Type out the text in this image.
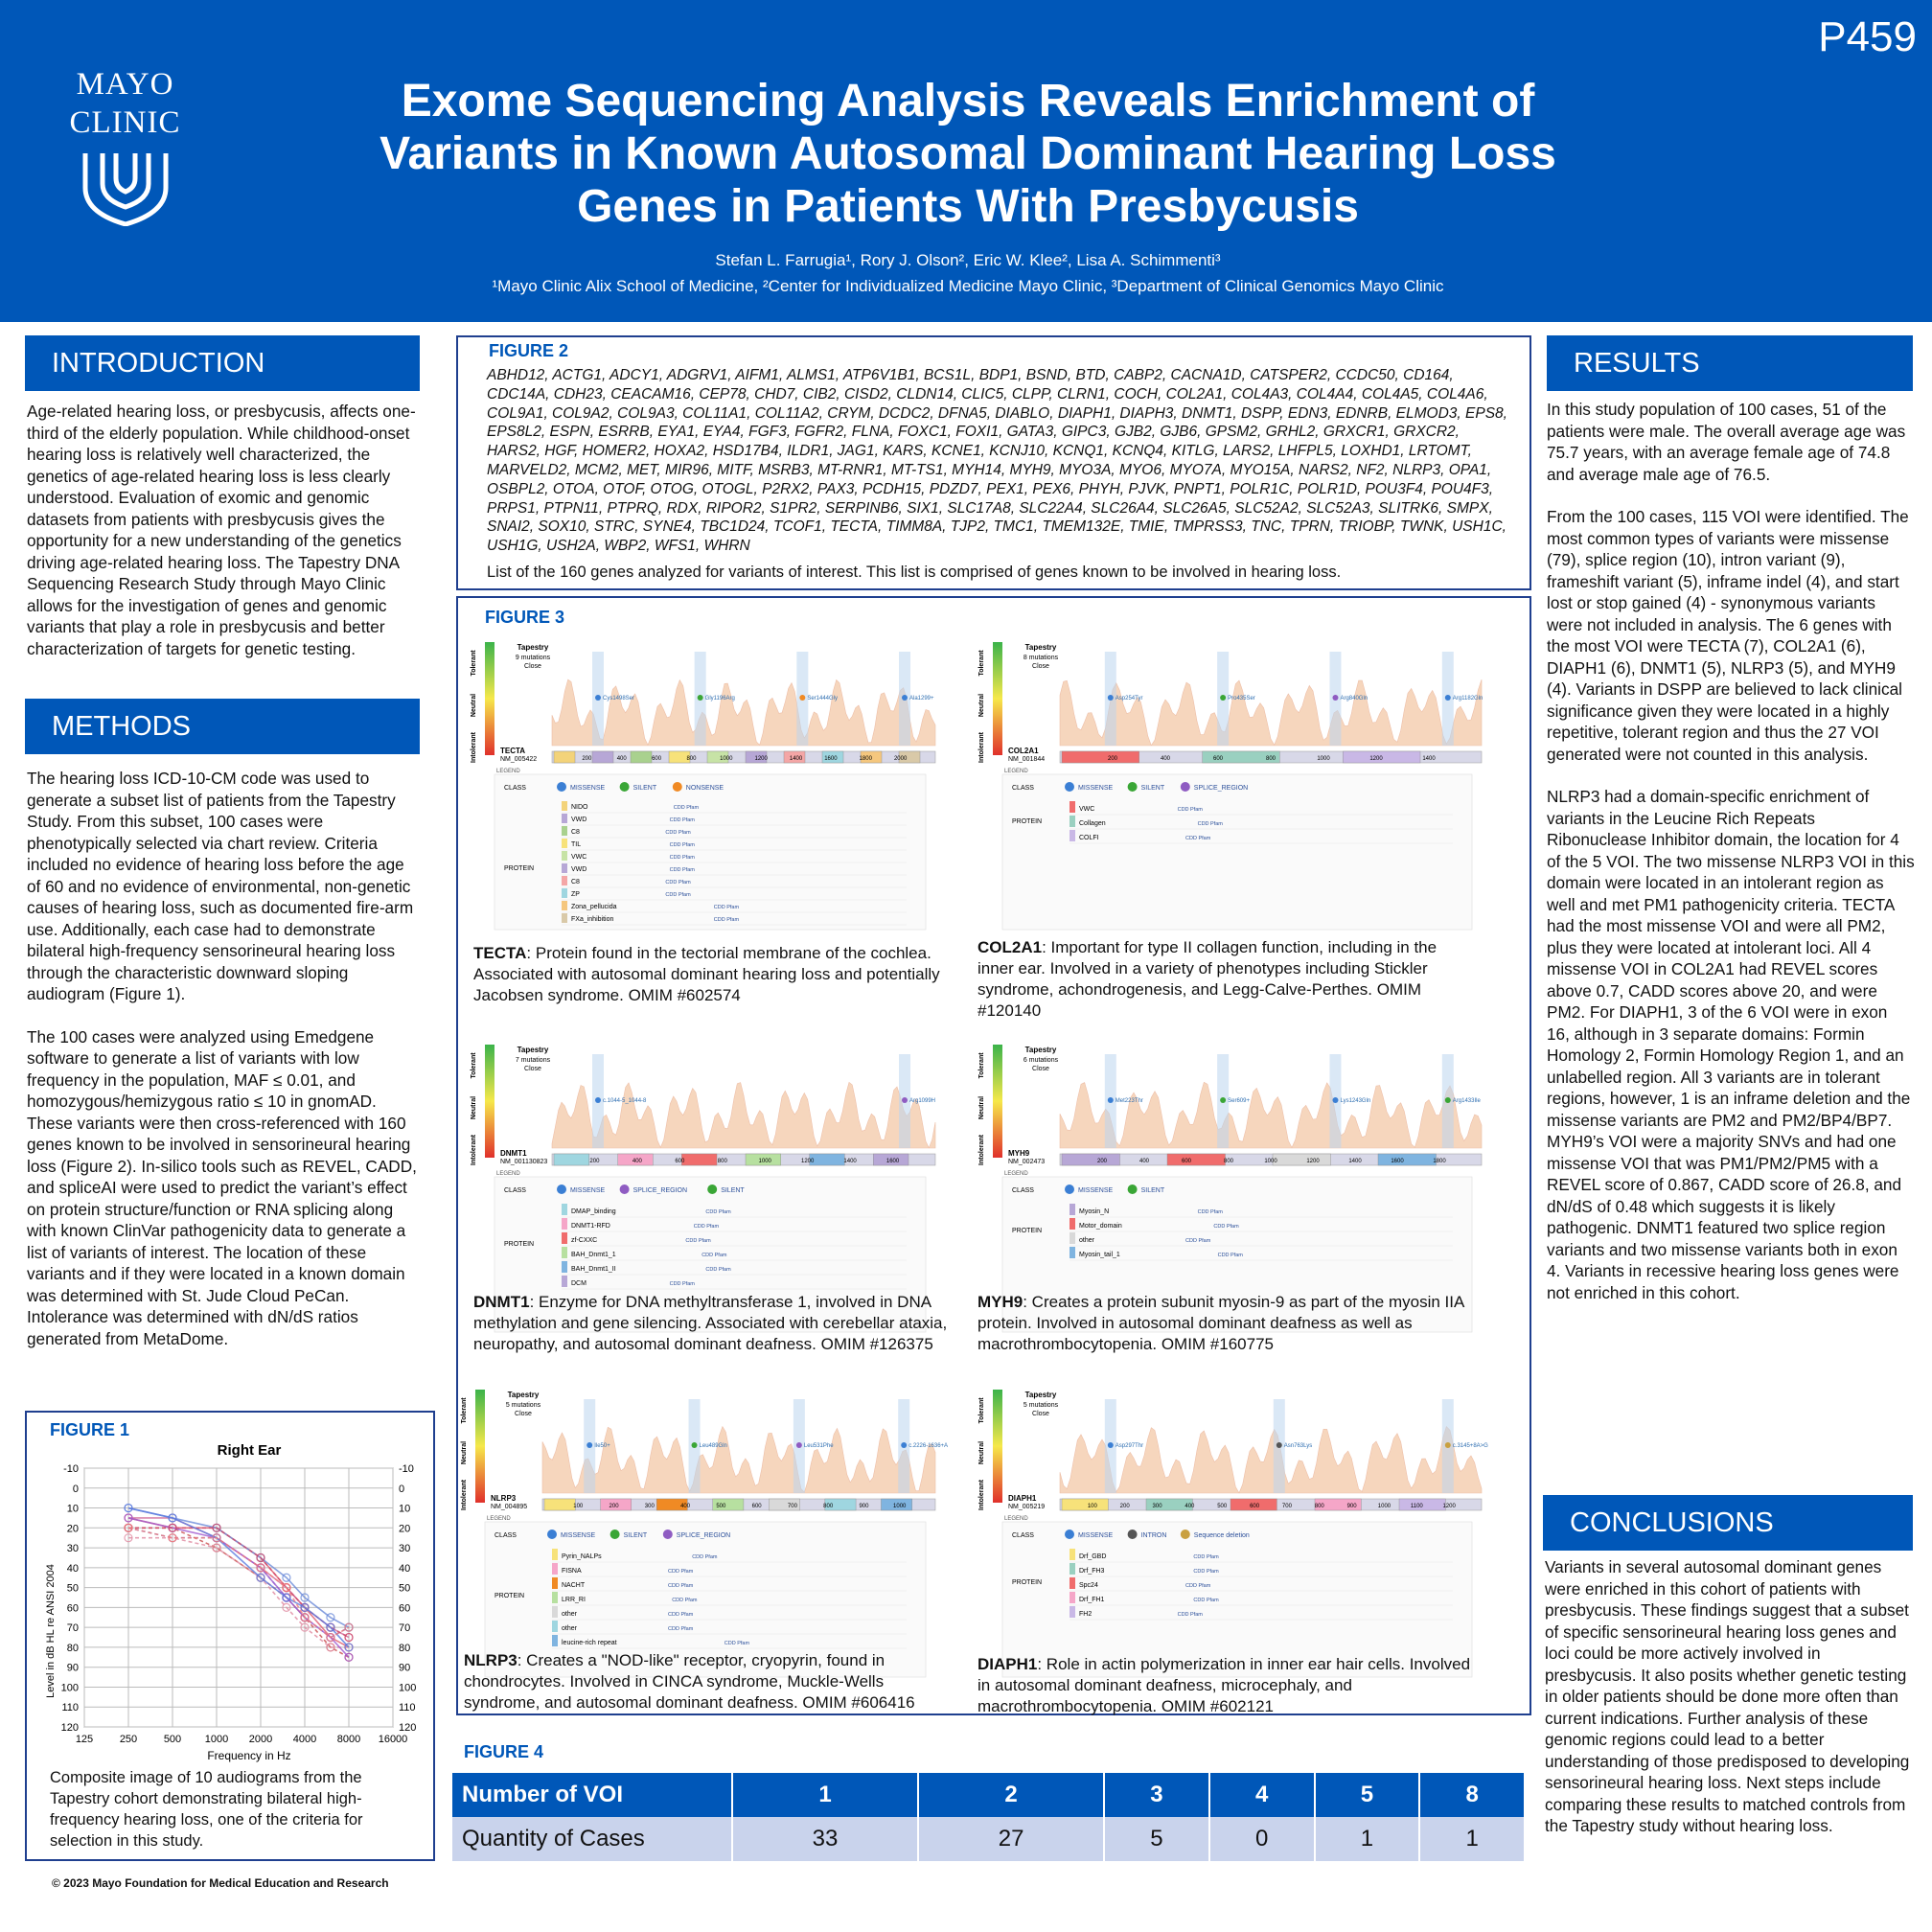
MAYO
CLINIC	Exome Sequencing Analysis Reveals Enrichment of Variants in Known Autosomal Dominant Hearing Loss Genes in Patients With Presbycusis
P459
Stefan L. Farrugia¹, Rory J. Olson², Eric W. Klee², Lisa A. Schimmenti³
¹Mayo Clinic Alix School of Medicine, ²Center for Individualized Medicine Mayo Clinic, ³Department of Clinical Genomics Mayo Clinic
INTRODUCTION
Age-related hearing loss, or presbycusis, affects one-third of the elderly population. While childhood-onset hearing loss is relatively well characterized, the genetics of age-related hearing loss is less clearly understood. Evaluation of exomic and genomic datasets from patients with presbycusis gives the opportunity for a new understanding of the genetics driving age-related hearing loss. The Tapestry DNA Sequencing Research Study through Mayo Clinic allows for the investigation of genes and genomic variants that play a role in presbycusis and better characterization of targets for genetic testing.
METHODS

The hearing loss ICD-10-CM code was used to generate a subset list of patients from the Tapestry Study. From this subset, 100 cases were phenotypically selected via chart review. Criteria included no evidence of hearing loss before the age of 60 and no evidence of environmental, non-genetic causes of hearing loss, such as documented fire-arm use. Additionally, each case had to demonstrate bilateral high-frequency sensorineural hearing loss through the characteristic downward sloping audiogram (Figure 1).

The 100 cases were analyzed using Emedgene software to generate a list of variants with low frequency in the population, MAF ≤ 0.01, and homozygous/hemizygous ratio ≤ 10 in gnomAD. These variants were then cross-referenced with 160 genes known to be involved in sensorineural hearing loss (Figure 2). In-silico tools such as REVEL, CADD, and spliceAI were used to predict the variant’s effect on protein structure/function or RNA splicing along with known ClinVar pathogenicity data to generate a list of variants of interest. The location of these variants and if they were located in a known domain was determined with St. Jude Cloud PeCan. Intolerance was determined with dN/dS ratios generated from MetaDome.

FIGURE 1
Right Ear
Level in dB HL re ANSI 2004
Frequency in Hz
-10
0
10
20
30
40
50
60
70
80
90
100
110
120
-10
0
10
20
30
40
50
60
70
80
90
100
110
120
125	250	500 1000 2000 4000 8000 16000
Composite image of 10 audiograms from the Tapestry cohort demonstrating bilateral high-frequency hearing loss, one of the criteria for selection in this study.
© 2023 Mayo Foundation for Medical Education and Research
FIGURE 2
ABHD12, ACTG1, ADCY1, ADGRV1, AIFM1, ALMS1, ATP6V1B1, BCS1L, BDP1, BSND, BTD, CABP2, CACNA1D, CATSPER2, CCDC50, CD164, CDC14A, CDH23, CEACAM16, CEP78, CHD7, CIB2, CISD2, CLDN14, CLIC5, CLPP, CLRN1, COCH, COL2A1, COL4A3, COL4A4, COL4A5, COL4A6, COL9A1, COL9A2, COL9A3, COL11A1, COL11A2, CRYM, DCDC2, DFNA5, DIABLO, DIAPH1, DIAPH3, DNMT1, DSPP, EDN3, EDNRB, ELMOD3, EPS8, EPS8L2, ESPN, ESRRB, EYA1, EYA4, FGF3, FGFR2, FLNA, FOXC1, FOXI1, GATA3, GIPC3, GJB2, GJB6, GPSM2, GRHL2, GRXCR1, GRXCR2, HARS2, HGF, HOMER2, HOXA2, HSD17B4, ILDR1, JAG1, KARS, KCNE1, KCNJ10, KCNQ1, KCNQ4, KITLG, LARS2, LHFPL5, LOXHD1, LRTOMT, MARVELD2, MCM2, MET, MIR96, MITF, MSRB3, MT-RNR1, MT-TS1, MYH14, MYH9, MYO3A, MYO6, MYO7A, MYO15A, NARS2, NF2, NLRP3, OPA1, OSBPL2, OTOA, OTOF, OTOG, OTOGL, P2RX2, PAX3, PCDH15, PDZD7, PEX1, PEX6, PHYH, PJVK, PNPT1, POLR1C, POLR1D, POU3F4, POU4F3, PRPS1, PTPN11, PTPRQ, RDX, RIPOR2, S1PR2, SERPINB6, SIX1, SLC17A8, SLC22A4, SLC26A4, SLC26A5, SLC52A2, SLC52A3, SLITRK6, SMPX, SNAI2, SOX10, STRC, SYNE4, TBC1D24, TCOF1, TECTA, TIMM8A, TJP2, TMC1, TMEM132E, TMIE, TMPRSS3, TNC, TPRN, TRIOBP, TWNK, USH1C, USH1G, USH2A, WBP2, WFS1, WHRN
List of the 160 genes analyzed for variants of interest. This list is comprised of genes known to be involved in hearing loss.
FIGURE 3
Tolerant
Neutral
Intolerant
Tapestry
9 mutations
Close
TECTA
NM_005422
Cys1498Ser	Gly1196Arg	Ser1444Gly	Ala1299+
200	400	600	800	1000	1200	1400	1600	1800	2000
LEGEND
CLASS	MISSENSE	SILENT	NONSENSE
PROTEIN
NIDO	CDD Pfam
VWD	CDD Pfam
C8	CDD Pfam
TIL	CDD Pfam
VWC	CDD Pfam
VWD	CDD Pfam
C8	CDD Pfam
ZP	CDD Pfam
Zona_pellucida	CDD Pfam
FXa_inhibition	CDD Pfam
Tolerant
Neutral
Intolerant
Tapestry
8 mutations
Close
COL2A1
NM_001844
Asp254Tyr	Pro435Ser	Arg840Gln	Arg1182Gln
200	400	600	800	1000	1200	1400
LEGEND
CLASS	MISSENSE	SILENT	SPLICE_REGION
PROTEIN
VWC	CDD Pfam
Collagen	CDD Pfam
COLFI	CDD Pfam
Tolerant
Neutral
Intolerant
Tapestry
7 mutations
Close
DNMT1
NM_001130823
c.1044-5_1044-8	Arg1099H
200	400	600	800	1000	1200	1400	1600
LEGEND
CLASS	MISSENSE	SPLICE_REGION	SILENT
PROTEIN
DMAP_binding	CDD Pfam
DNMT1-RFD	CDD Pfam
zf-CXXC	CDD Pfam
BAH_Dnmt1_1	CDD Pfam
BAH_Dnmt1_II	CDD Pfam
DCM	CDD Pfam
Tolerant
Neutral
Intolerant
Tapestry
6 mutations
Close
MYH9
NM_002473
Met223Thr	Ser609+	Lys1243Gln	Arg1433Ile
200	400	600	800	1000	1200	1400	1600	1800
LEGEND
CLASS	MISSENSE	SILENT
PROTEIN
Myosin_N	CDD Pfam
Motor_domain	CDD Pfam
other	CDD Pfam
Myosin_tail_1	CDD Pfam
Tolerant
Neutral
Intolerant
Tapestry
5 mutations
Close
NLRP3
NM_004895
Ile50+	Leu489Gln	Leu531Phe	c.2226-1636+A
100	200	300	400	500	600	700	800	900	1000
LEGEND
CLASS	MISSENSE	SILENT	SPLICE_REGION
PROTEIN
Pyrin_NALPs	CDD Pfam
FISNA	CDD Pfam
NACHT	CDD Pfam
LRR_RI	CDD Pfam
other	CDD Pfam
other	CDD Pfam
leucine-rich repeat	CDD Pfam
Tolerant
Neutral
Intolerant
Tapestry
5 mutations
Close
DIAPH1
NM_005219
Asp297Thr	Asn763Lys	c.3145+8A>G
100	200	300	400	500	600	700	800	900	1000	1100	1200
LEGEND
CLASS	MISSENSE	INTRON	Sequence deletion
PROTEIN
Drf_GBD	CDD Pfam
Drf_FH3	CDD Pfam
Spc24	CDD Pfam
Drf_FH1	CDD Pfam
FH2	CDD Pfam
FIGURE 4
Number of VOI	1	2	3	4	5	8
Quantity of Cases	33	27	5	0	1	1
RESULTS

In this study population of 100 cases, 51 of the patients were male. The overall average age was 75.7 years, with an average female age of 74.8 and average male age of 76.5.

From the 100 cases, 115 VOI were identified. The most common types of variants were missense (79), splice region (10), intron variant (9), frameshift variant (5), inframe indel (4), and start lost or stop gained (4) - synonymous variants were not included in analysis. The 6 genes with the most VOI were TECTA (7), COL2A1 (6), DIAPH1 (6), DNMT1 (5), NLRP3 (5), and MYH9 (4). Variants in DSPP are believed to lack clinical significance given they were located in a highly repetitive, tolerant region and thus the 27 VOI generated were not counted in this analysis.

NLRP3 had a domain-specific enrichment of variants in the Leucine Rich Repeats Ribonuclease Inhibitor domain, the location for 4 of the 5 VOI. The two missense NLRP3 VOI in this domain were located in an intolerant region as well and met PM1 pathogenicity criteria. TECTA had the most missense VOI and were all PM2, plus they were located at intolerant loci. All 4 missense VOI in COL2A1 had REVEL scores above 0.7, CADD scores above 20, and were PM2. For DIAPH1, 3 of the 6 VOI were in exon 16, although in 3 separate domains: Formin Homology 2, Formin Homology Region 1, and an unlabelled region. All 3 variants are in tolerant regions, however, 1 is an inframe deletion and the missense variants are PM2 and PM2/BP4/BP7. MYH9’s VOI were a majority SNVs and had one missense VOI that was PM1/PM2/PM5 with a REVEL score of 0.867, CADD score of 26.8, and dN/dS of 0.48 which suggests it is likely pathogenic. DNMT1 featured two splice region variants and two missense variants both in exon 4. Variants in recessive hearing loss genes were not enriched in this cohort.

CONCLUSIONS
Variants in several autosomal dominant genes were enriched in this cohort of patients with presbycusis. These findings suggest that a subset of specific sensorineural hearing loss genes and loci could be more actively involved in presbycusis. It also posits whether genetic testing in older patients should be done more often than current indications. Further analysis of these genomic regions could lead to a better understanding of those predisposed to developing sensorineural hearing loss. Next steps include comparing these results to matched controls from the Tapestry study without hearing loss.
TECTA: Protein found in the tectorial membrane of the cochlea. Associated with autosomal dominant hearing loss and potentially Jacobsen syndrome. OMIM #602574
COL2A1: Important for type II collagen function, including in the inner ear. Involved in a variety of phenotypes including Stickler syndrome, achondrogenesis, and Legg-Calve-Perthes. OMIM #120140
DNMT1: Enzyme for DNA methyltransferase 1, involved in DNA methylation and gene silencing. Associated with cerebellar ataxia, neuropathy, and autosomal dominant deafness. OMIM #126375
MYH9: Creates a protein subunit myosin-9 as part of the myosin IIA protein. Involved in autosomal dominant deafness as well as macrothrombocytopenia. OMIM #160775
NLRP3: Creates a "NOD-like" receptor, cryopyrin, found in chondrocytes. Involved in CINCA syndrome, Muckle-Wells syndrome, and autosomal dominant deafness. OMIM #606416
DIAPH1: Role in actin polymerization in inner ear hair cells. Involved in autosomal dominant deafness, microcephaly, and macrothrombocytopenia. OMIM #602121
